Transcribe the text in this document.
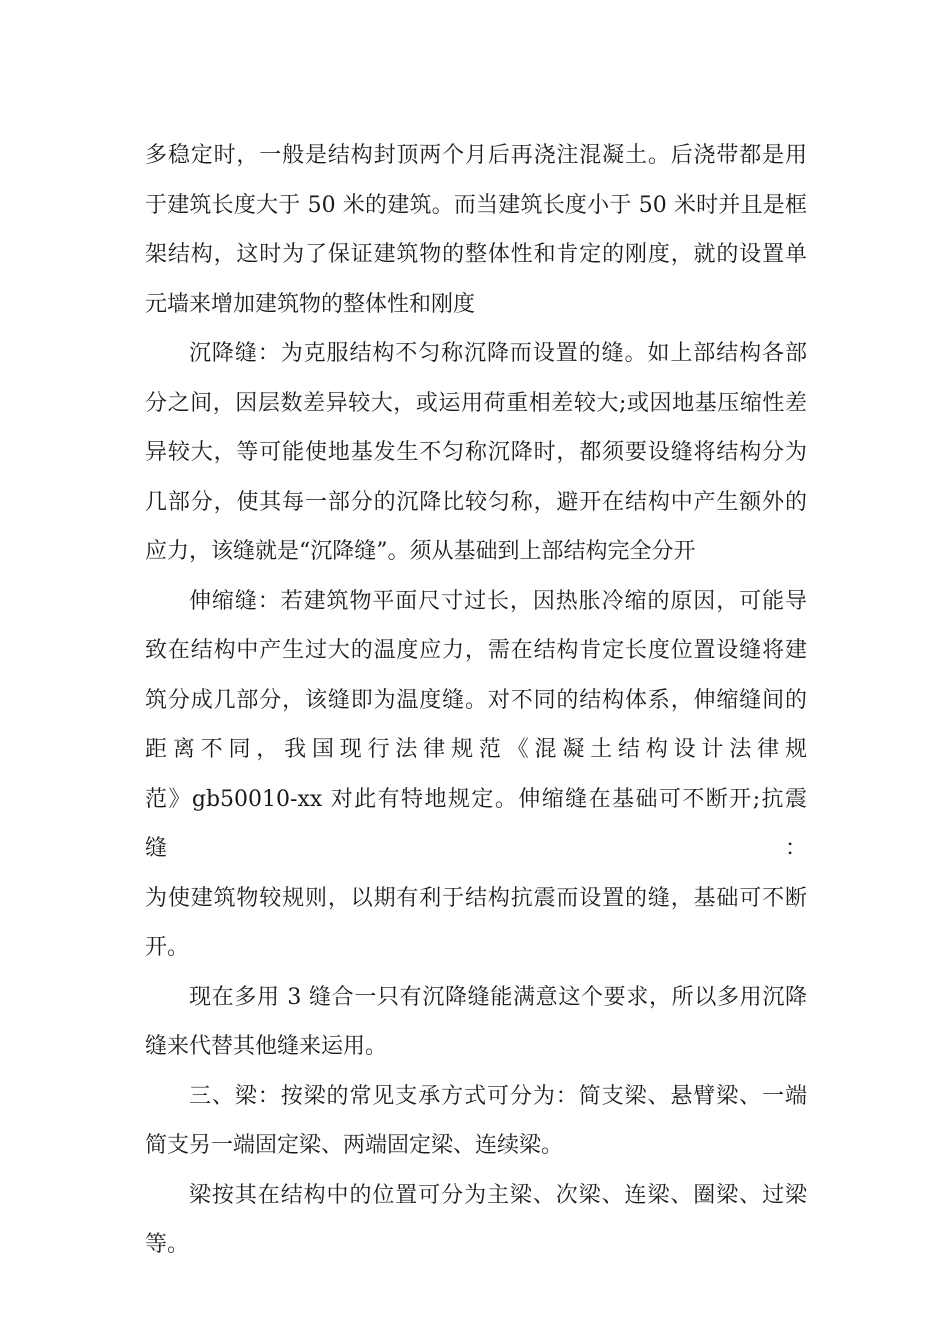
多稳定时，一般是结构封顶两个月后再浇注混凝土。后浇带都是用
于建筑长度大于 50 米的建筑。而当建筑长度小于 50 米时并且是框
架结构，这时为了保证建筑物的整体性和肯定的刚度，就的设置单
元墙来增加建筑物的整体性和刚度

沉降缝：为克服结构不匀称沉降而设置的缝。如上部结构各部
分之间，因层数差异较大，或运用荷重相差较大;或因地基压缩性差
异较大，等可能使地基发生不匀称沉降时，都须要设缝将结构分为
几部分，使其每一部分的沉降比较匀称，避开在结构中产生额外的
应力，该缝就是“沉降缝”。须从基础到上部结构完全分开

伸缩缝：若建筑物平面尺寸过长，因热胀冷缩的原因，可能导
致在结构中产生过大的温度应力，需在结构肯定长度位置设缝将建
筑分成几部分，该缝即为温度缝。对不同的结构体系，伸缩缝间的
距离不同，我国现行法律规范《混凝土结构设计法律规
范》gb50010-xx 对此有特地规定。伸缩缝在基础可不断开;抗震缝：
为使建筑物较规则，以期有利于结构抗震而设置的缝，基础可不断
开。

现在多用 3 缝合一只有沉降缝能满意这个要求，所以多用沉降
缝来代替其他缝来运用。

三、梁：按梁的常见支承方式可分为：简支梁、悬臂梁、一端
简支另一端固定梁、两端固定梁、连续梁。

梁按其在结构中的位置可分为主梁、次梁、连梁、圈梁、过梁
等。
